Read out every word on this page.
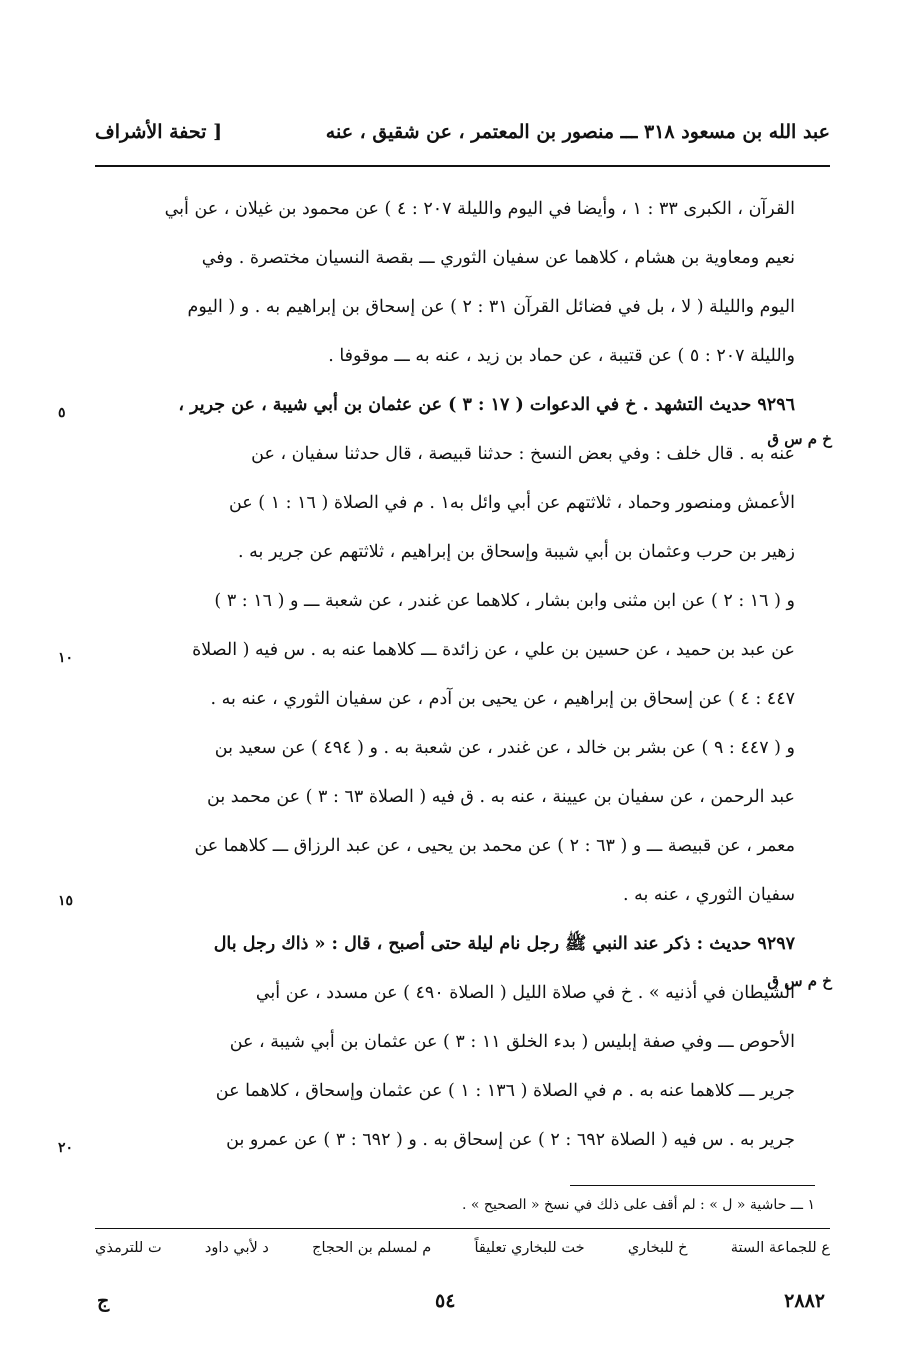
عبد الله بن مسعود ٣١٨ ـــ منصور بن المعتمر ، عن شقيق ، عنه
[ تحفة الأشراف
القرآن ، الكبرى ٣٣ : ١ ، وأيضا في اليوم والليلة ٢٠٧ : ٤ ) عن محمود بن غيلان ، عن أبي
نعيم ومعاوية بن هشام ، كلاهما عن سفيان الثوري ـــ بقصة النسيان مختصرة . وفي
اليوم والليلة ( لا ، بل في فضائل القرآن ٣١ : ٢ ) عن إسحاق بن إبراهيم به . و ( اليوم
والليلة ٢٠٧ : ٥ ) عن قتيبة ، عن حماد بن زيد ، عنه به ـــ موقوفا .
٩٢٩٦ حديث التشهد . خ في الدعوات ( ١٧ : ٣ ) عن عثمان بن أبي شيبة ، عن جرير ،
عنه به . قال خلف : وفي بعض النسخ : حدثنا قبيصة ، قال حدثنا سفيان ، عن
الأعمش ومنصور وحماد ، ثلاثتهم عن أبي وائل به١ . م في الصلاة ( ١٦ : ١ ) عن
زهير بن حرب وعثمان بن أبي شيبة وإسحاق بن إبراهيم ، ثلاثتهم عن جرير به .
و ( ١٦ : ٢ ) عن ابن مثنى وابن بشار ، كلاهما عن غندر ، عن شعبة ـــ و ( ١٦ : ٣ )
عن عبد بن حميد ، عن حسين بن علي ، عن زائدة ـــ كلاهما عنه به . س فيه ( الصلاة
٤٤٧ : ٤ ) عن إسحاق بن إبراهيم ، عن يحيى بن آدم ، عن سفيان الثوري ، عنه به .
و ( ٤٤٧ : ٩ ) عن بشر بن خالد ، عن غندر ، عن شعبة به . و ( ٤٩٤ ) عن سعيد بن
عبد الرحمن ، عن سفيان بن عيينة ، عنه به . ق فيه ( الصلاة ٦٣ : ٣ ) عن محمد بن
معمر ، عن قبيصة ـــ و ( ٦٣ : ٢ ) عن محمد بن يحيى ، عن عبد الرزاق ـــ كلاهما عن
سفيان الثوري ، عنه به .
٩٢٩٧ حديث : ذكر عند النبي ﷺ رجل نام ليلة حتى أصبح ، قال : « ذاك رجل بال
الشيطان في أذنيه » . خ في صلاة الليل ( الصلاة ٤٩٠ ) عن مسدد ، عن أبي
الأحوص ـــ وفي صفة إبليس ( بدء الخلق ١١ : ٣ ) عن عثمان بن أبي شيبة ، عن
جرير ـــ كلاهما عنه به . م في الصلاة ( ١٣٦ : ١ ) عن عثمان وإسحاق ، كلاهما عن
جرير به . س فيه ( الصلاة ٦٩٢ : ٢ ) عن إسحاق به . و ( ٦٩٢ : ٣ ) عن عمرو بن
خ م س ق
خ م س ق
٥
١٠
١٥
٢٠
١ ـــ حاشية « ل » : لم أقف على ذلك في نسخ « الصحيح » .
ع للجماعة الستة
خ للبخاري
خت للبخاري تعليقاً
م لمسلم بن الحجاج
د لأبي داود
ت للترمذي
٢٨٨٢
٥٤
ج
